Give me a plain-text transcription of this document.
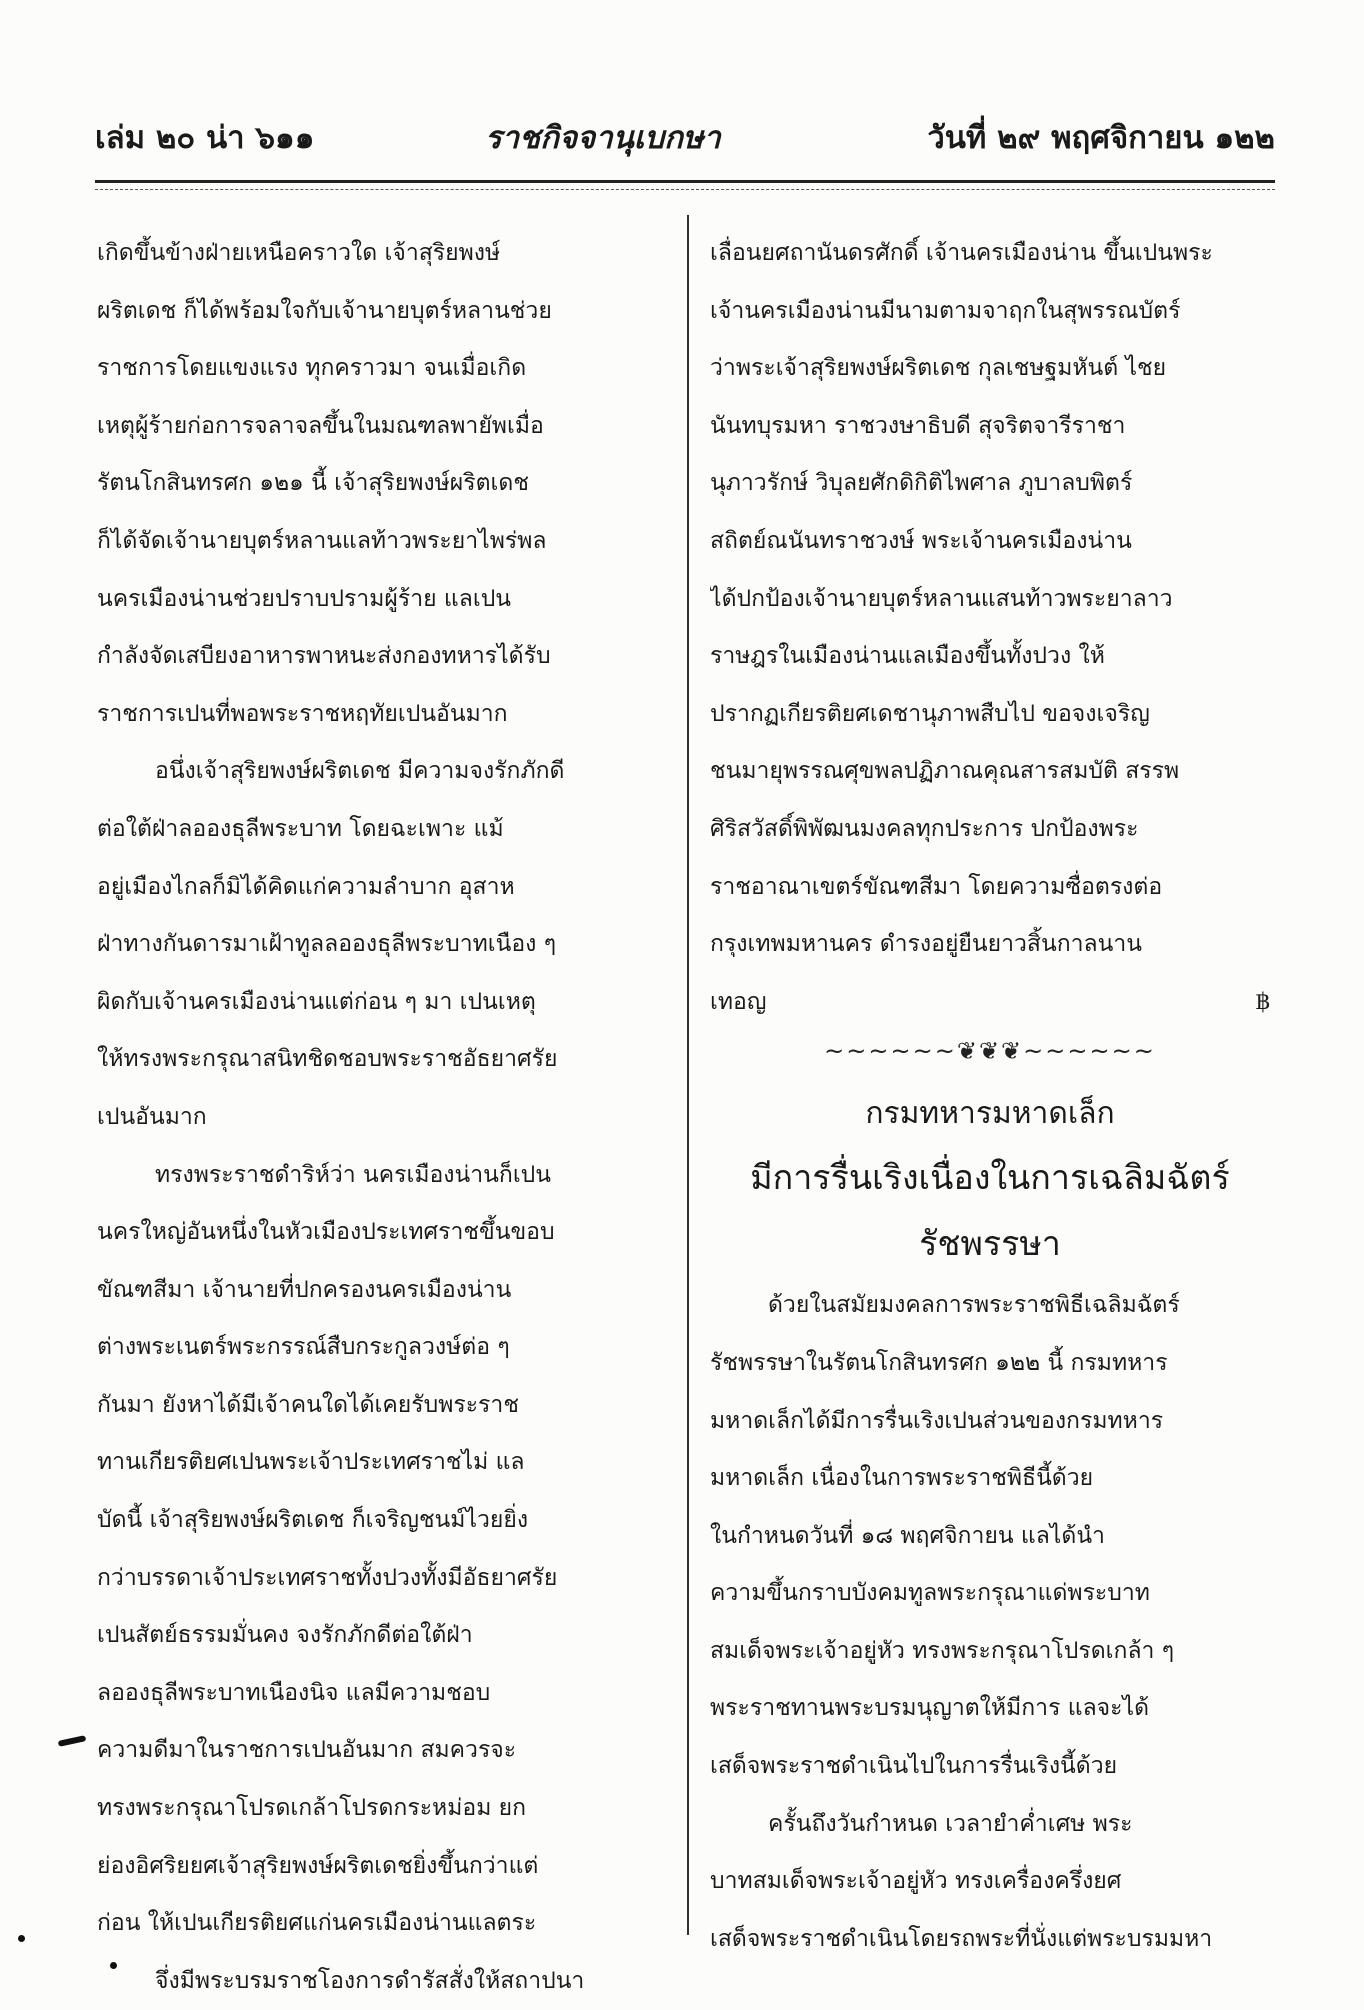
เล่ม ๒๐ น่า ๖๑๑	ราชกิจจานุเบกษา	วันที่ ๒๙ พฤศจิกายน ๑๒๒
เกิดขึ้นข้างฝ่ายเหนือคราวใด เจ้าสุริยพงษ์
ผริตเดช ก็ได้พร้อมใจกับเจ้านายบุตร์หลานช่วย
ราชการโดยแขงแรง ทุกคราวมา จนเมื่อเกิด
เหตุผู้ร้ายก่อการจลาจลขึ้นในมณฑลพายัพเมื่อ
รัตนโกสินทรศก ๑๒๑ นี้ เจ้าสุริยพงษ์ผริตเดช
ก็ได้จัดเจ้านายบุตร์หลานแลท้าวพระยาไพร่พล
นครเมืองน่านช่วยปราบปรามผู้ร้าย แลเปน
กำลังจัดเสบียงอาหารพาหนะส่งกองทหารได้รับ
ราชการเปนที่พอพระราชหฤทัยเปนอันมาก
อนึ่งเจ้าสุริยพงษ์ผริตเดช มีความจงรักภักดี
ต่อใต้ฝ่าลอองธุลีพระบาท โดยฉะเพาะ แม้
อยู่เมืองไกลก็มิได้คิดแก่ความลำบาก อุสาห
ฝ่าทางกันดารมาเฝ้าทูลลอองธุลีพระบาทเนือง ๆ
ผิดกับเจ้านครเมืองน่านแต่ก่อน ๆ มา เปนเหตุ
ให้ทรงพระกรุณาสนิทชิดชอบพระราชอัธยาศรัย
เปนอันมาก
ทรงพระราชดำริห์ว่า นครเมืองน่านก็เปน
นครใหญ่อันหนึ่งในหัวเมืองประเทศราชขึ้นขอบ
ขัณฑสีมา เจ้านายที่ปกครองนครเมืองน่าน
ต่างพระเนตร์พระกรรณ์สืบกระกูลวงษ์ต่อ ๆ
กันมา ยังหาได้มีเจ้าคนใดได้เคยรับพระราช
ทานเกียรติยศเปนพระเจ้าประเทศราชไม่ แล
บัดนี้ เจ้าสุริยพงษ์ผริตเดช ก็เจริญชนม์ไวยยิ่ง
กว่าบรรดาเจ้าประเทศราชทั้งปวงทั้งมีอัธยาศรัย
เปนสัตย์ธรรมมั่นคง จงรักภักดีต่อใต้ฝ่า
ลอองธุลีพระบาทเนืองนิจ แลมีความชอบ
ความดีมาในราชการเปนอันมาก สมควรจะ
ทรงพระกรุณาโปรดเกล้าโปรดกระหม่อม ยก
ย่องอิศริยยศเจ้าสุริยพงษ์ผริตเดชยิ่งขึ้นกว่าแต่
ก่อน ให้เปนเกียรติยศแก่นครเมืองน่านแลตระ
จึ่งมีพระบรมราชโองการดำรัสสั่งให้สถาปนา
เลื่อนยศถานันดรศักดิ์ เจ้านครเมืองน่าน ขึ้นเปนพระ
เจ้านครเมืองน่านมีนามตามจาฤกในสุพรรณบัตร์
ว่าพระเจ้าสุริยพงษ์ผริตเดช กุลเชษฐมหันต์ ไชย
นันทบุรมหา ราชวงษาธิบดี สุจริตจารีราชา
นุภาวรักษ์ วิบุลยศักดิกิติไพศาล ภูบาลบพิตร์
สถิตย์ณนันทราชวงษ์ พระเจ้านครเมืองน่าน
ได้ปกป้องเจ้านายบุตร์หลานแสนท้าวพระยาลาว
ราษฎรในเมืองน่านแลเมืองขึ้นทั้งปวง ให้
ปรากฏเกียรติยศเดชานุภาพสืบไป ขอจงเจริญ
ชนมายุพรรณศุขพลปฏิภาณคุณสารสมบัติ สรรพ
ศิริสวัสดิ์พิพัฒนมงคลทุกประการ ปกป้องพระ
ราชอาณาเขตร์ขัณฑสีมา โดยความซื่อตรงต่อ
กรุงเทพมหานคร ดำรงอยู่ยืนยาวสิ้นกาลนาน
เทอญ	฿
~~~~~~❦❦❦~~~~~~
กรมทหารมหาดเล็ก
มีการรื่นเริงเนื่องในการเฉลิมฉัตร์
รัชพรรษา
ด้วยในสมัยมงคลการพระราชพิธีเฉลิมฉัตร์
รัชพรรษาในรัตนโกสินทรศก ๑๒๒ นี้ กรมทหาร
มหาดเล็กได้มีการรื่นเริงเปนส่วนของกรมทหาร
มหาดเล็ก เนื่องในการพระราชพิธีนี้ด้วย
ในกำหนดวันที่ ๑๘ พฤศจิกายน แลได้นำ
ความขึ้นกราบบังคมทูลพระกรุณาแด่พระบาท
สมเด็จพระเจ้าอยู่หัว ทรงพระกรุณาโปรดเกล้า ๆ
พระราชทานพระบรมนุญาตให้มีการ แลจะได้
เสด็จพระราชดำเนินไปในการรื่นเริงนี้ด้วย
ครั้นถึงวันกำหนด เวลายำค่ำเศษ พระ
บาทสมเด็จพระเจ้าอยู่หัว ทรงเครื่องครึ่งยศ
เสด็จพระราชดำเนินโดยรถพระที่นั่งแต่พระบรมมหา
